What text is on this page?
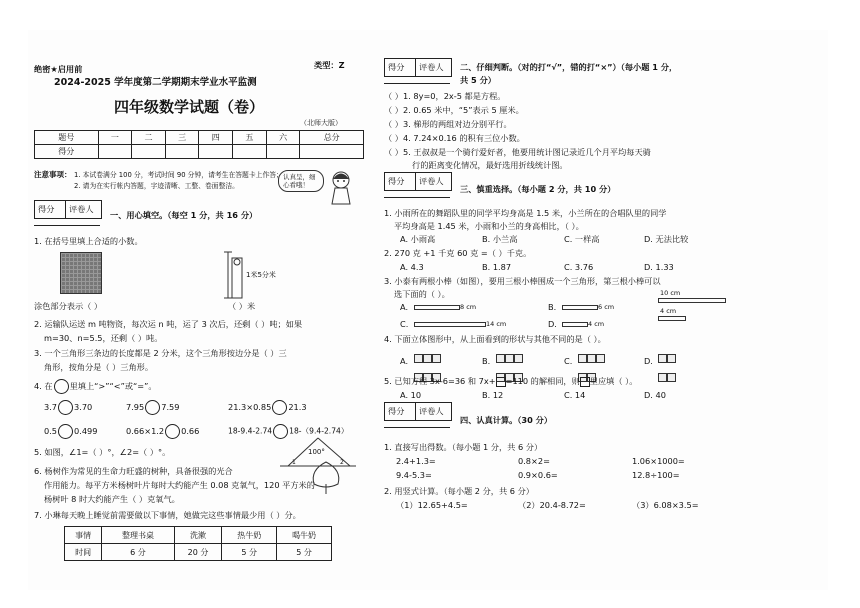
绝密★启用前	类型：Z
2024-2025 学年度第二学期期末学业水平监测
四年级数学试题（卷）
（北师大版）
题号	一	二	三	四	五	六	总分
得分							
注意事项： 1. 本试卷满分 100 分，考试时间 90 分钟，请考生在答题卡上作答；
2. 请为在实行帐内答题，字迹清晰、工整、卷面整洁。
认真呈，细心看哦！
得分 评卷人
一、用心填空。（每空 1 分，共 16 分）
1. 在括号里填上合适的小数。
1米5分米
涂色部分表示（ ）	（ ）米
2. 运输队运送 m 吨物资，每次运 n 吨，运了 3 次后，还剩（ ）吨；如果
m=30、n=5.5，还剩（ ）吨。
3. 一个三角形三条边的长度都是 2 分米，这个三角形按边分是（ ）三
角形，按角分是（ ）三角形。
4. 在 里填上“>”“<”或“=”。
3.7 3.70	7.95 7.59	21.3×0.85 21.3
0.5 0.499	0.66×1.2 0.66	18-9.4-2.74 18-（9.4-2.74）
5. 如图，∠1=（ ）°，∠2=（ ）°。	100°
1	2
6. 杨树作为常见的生命力旺盛的树种，具备很强的光合
作用能力。每平方米杨树叶片每时大约能产生 0.08 克氧气，120 平方米的
杨树叶 8 时大约能产生（ ）克氧气。
7. 小琳每天晚上睡觉前需要做以下事情，她做完这些事情最少用（ ）分。
事情	整理书桌	洗漱	热牛奶	喝牛奶
时间	6 分	20 分	5 分	5 分
得分 评卷人 二、仔细判断。（对的打“√”，错的打“×”）（每小题 1 分，
共 5 分）
（ ）1. 8y=0，2x-5 都是方程。
（ ）2. 0.65 米中，“5”表示 5 厘米。
（ ）3. 梯形的两组对边分别平行。
（ ）4. 7.24×0.16 的积有三位小数。
（ ）5. 王叔叔是一个骑行爱好者，他要用统计图记录近几个月平均每天骑
行的距离变化情况，最好选用折线统计图。
得分 评卷人
三、慎重选择。（每小题 2 分，共 10 分）
1. 小雨所在的舞蹈队里的同学平均身高是 1.5 米，小兰所在的合唱队里的同学
平均身高是 1.45 米，小雨和小兰的身高相比，（ ）。
A. 小雨高	B. 小兰高	C. 一样高	D. 无法比较
2. 270 克 +1 千克 60 克 =（ ）千克。
A. 4.3	B. 1.87	C. 3.76	D. 1.33
3. 小泰有两根小棒（如图），要用三根小棒围成一个三角形，第三根小棒可以
选下面的（ ）。	10 cm
4 cm
A.	8 cm	B.	6 cm
C.	14 cm	D.	4 cm
4. 下面立体图形中，从上面看到的形状与其他不同的是（ ）。
A.	B.	C.	D.

5. 已知方程 3x-6=36 和 7x+ =110 的解相同，则 里应填（ ）。
A. 10	B. 12	C. 14	D. 40
得分 评卷人
四、认真计算。（30 分）
1. 直接写出得数。（每小题 1 分，共 6 分）
2.4+1.3=	0.8×2=	1.06×1000=
9.4-5.3=	0.9×0.6=	12.8÷100=
2. 用竖式计算。（每小题 2 分，共 6 分）
（1）12.65+4.5=	（2）20.4-8.72=	（3）6.08×3.5=
